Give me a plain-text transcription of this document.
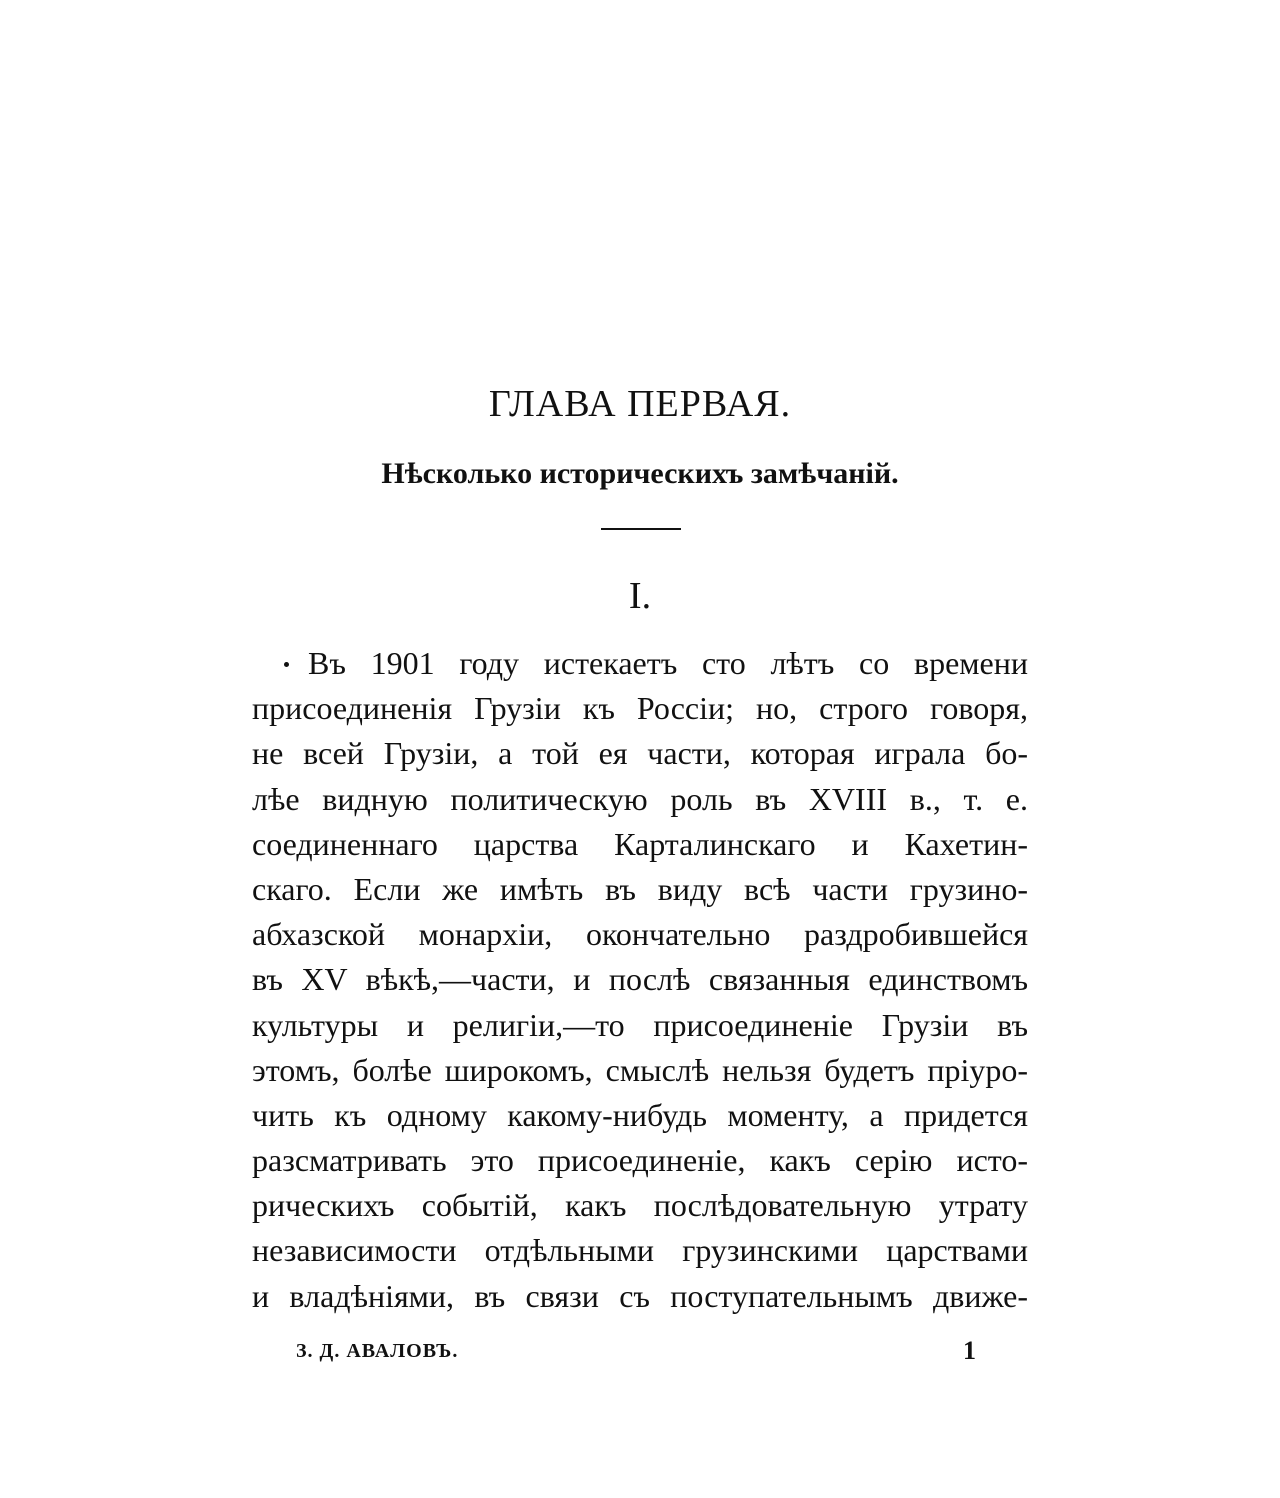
ГЛАВА ПЕРВАЯ.
Нѣсколько историческихъ замѣчаній.
I.
Въ 1901 году истекаетъ сто лѣтъ со времени
присоединенія Грузіи къ Россіи; но, строго говоря,
не всей Грузіи, а той ея части, которая играла бо-
лѣе видную политическую роль въ XVIII в., т. е.
соединеннаго царства Карталинскаго и Кахетин-
скаго. Если же имѣть въ виду всѣ части грузино-
абхазской монархіи, окончательно раздробившейся
въ XV вѣкѣ,—части, и послѣ связанныя единствомъ
культуры и религіи,—то присоединеніе Грузіи въ
этомъ, болѣе широкомъ, смыслѣ нельзя будетъ пріуро-
чить къ одному какому-нибудь моменту, а придется
разсматривать это присоединеніе, какъ серію исто-
рическихъ событій, какъ послѣдовательную утрату
независимости отдѣльными грузинскими царствами
и владѣніями, въ связи съ поступательнымъ движе-
З. Д. АВАЛОВЪ.	1
